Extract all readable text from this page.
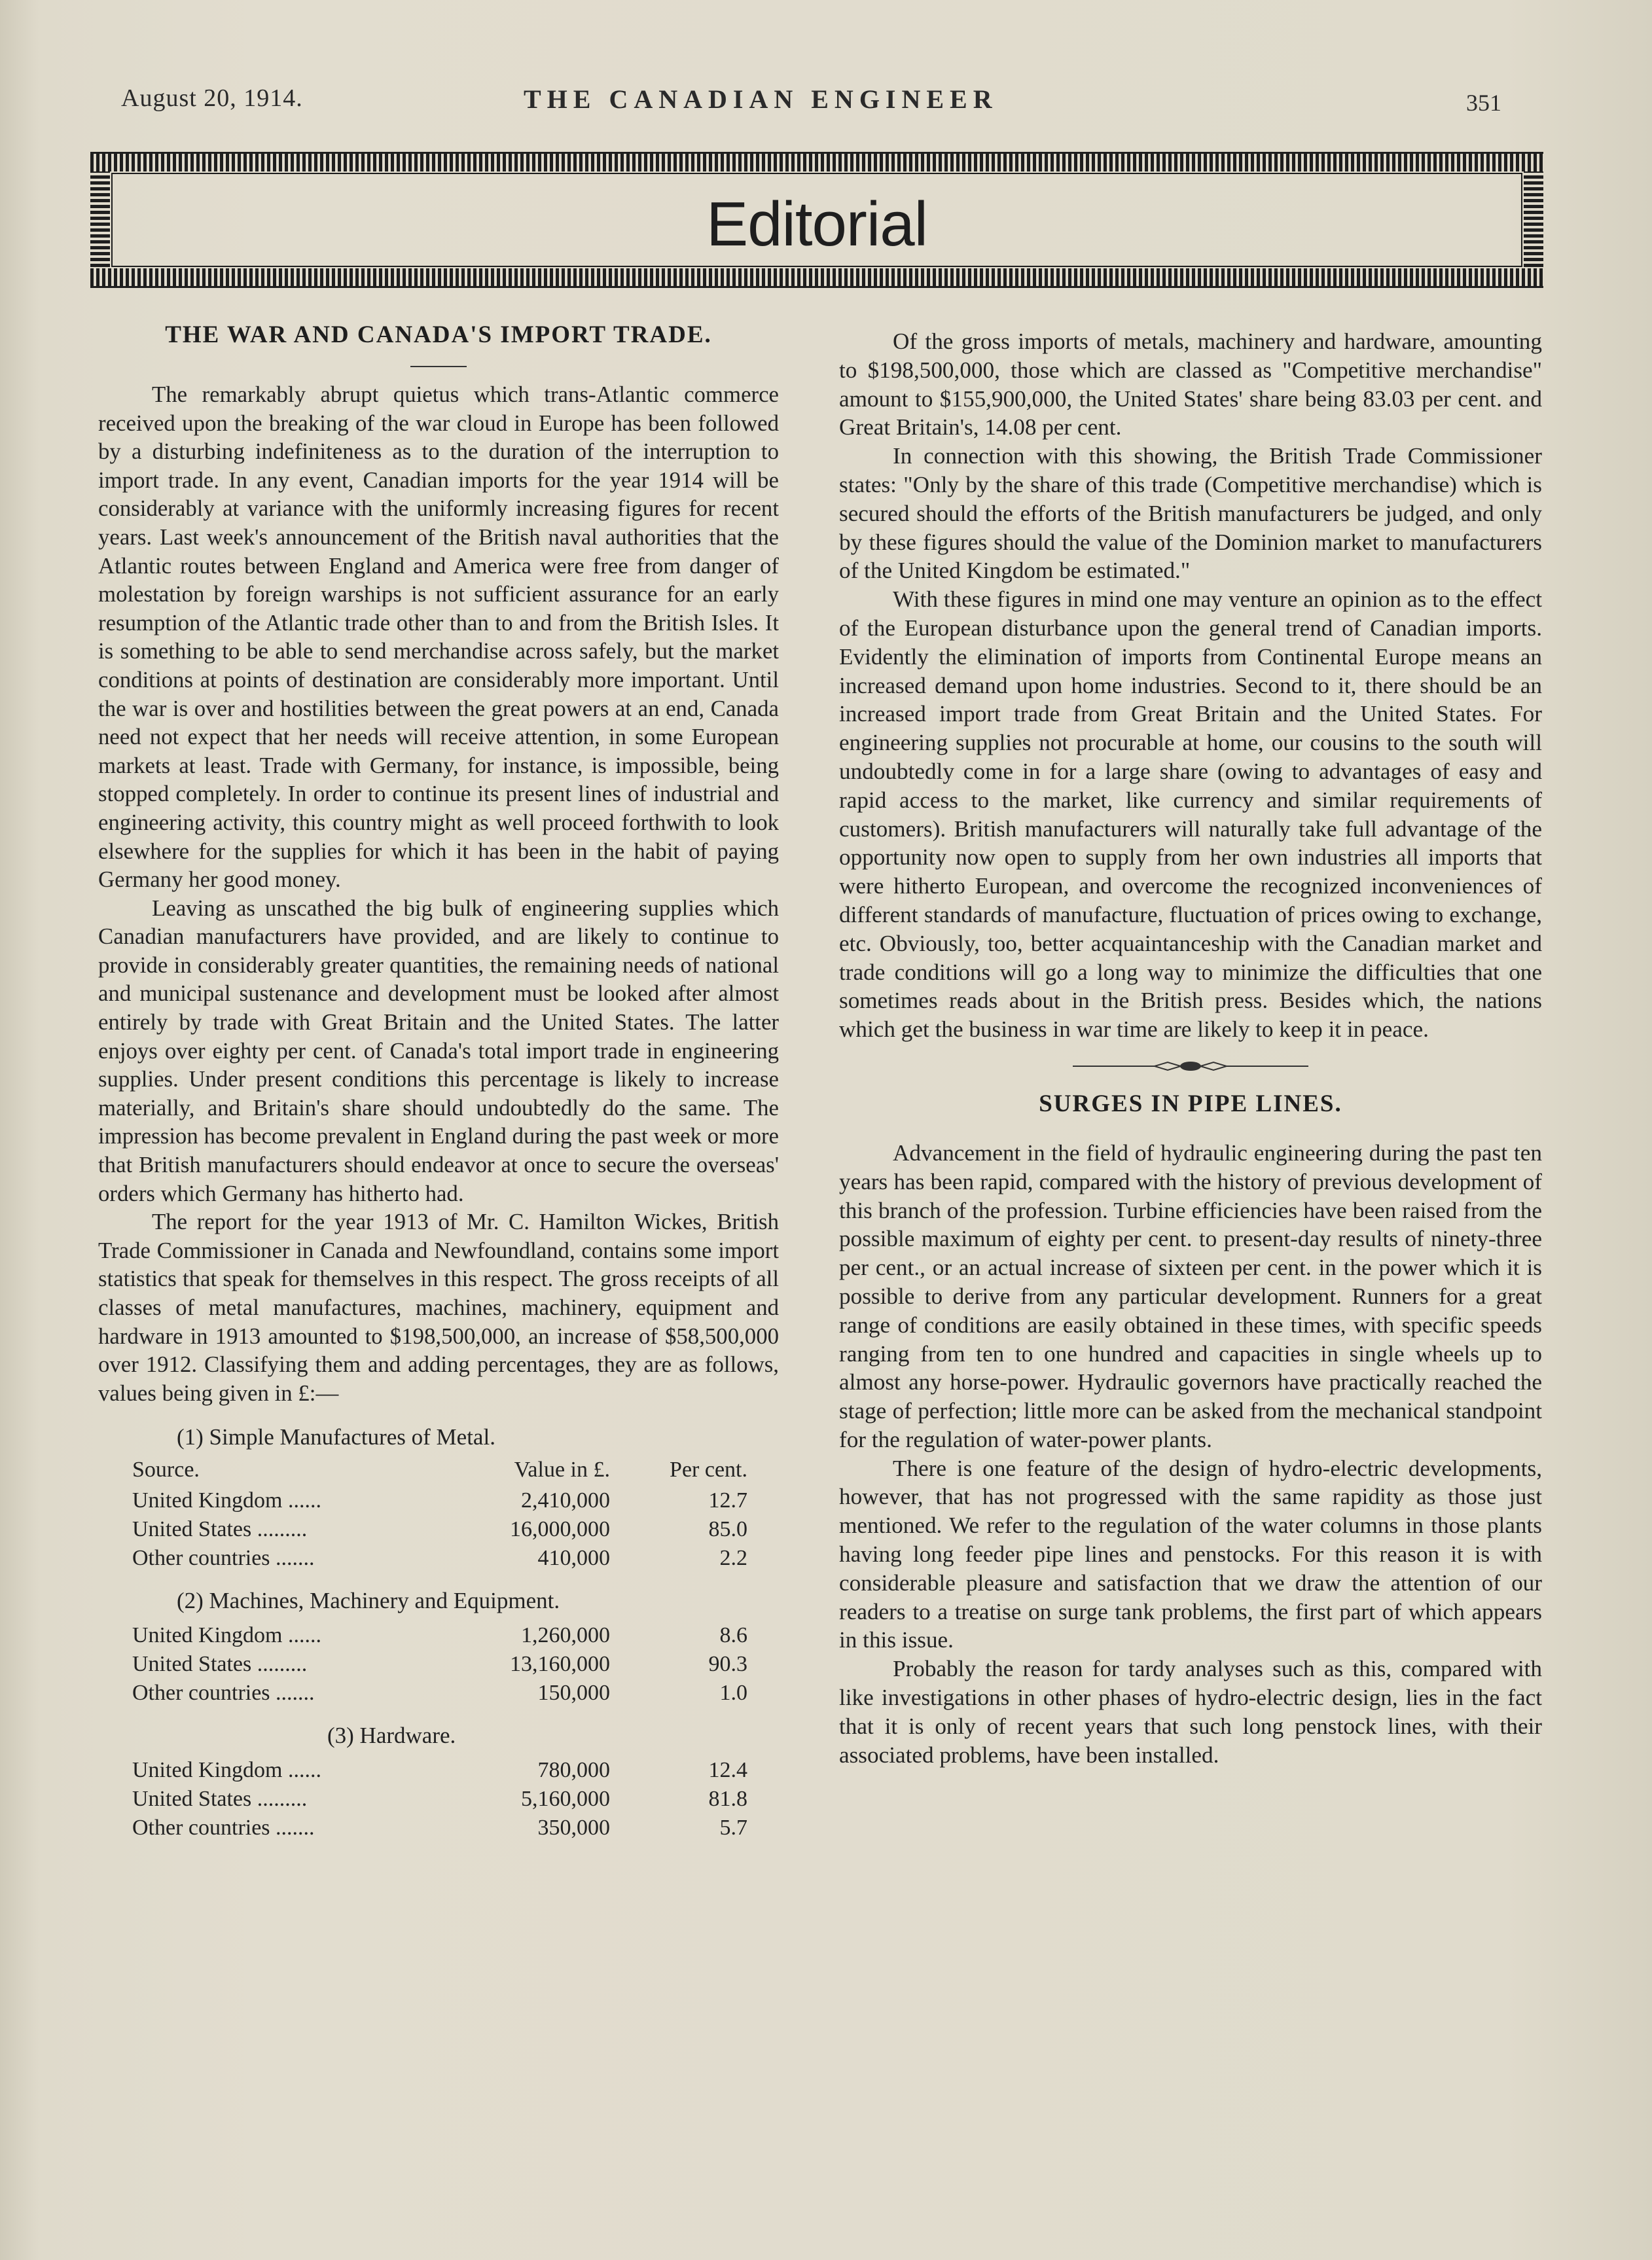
August 20, 1914.	THE CANADIAN ENGINEER	351
Editorial
THE WAR AND CANADA'S IMPORT TRADE.

The remarkably abrupt quietus which trans-Atlantic commerce received upon the breaking of the war cloud in Europe has been followed by a disturbing indefiniteness as to the duration of the interruption to import trade. In any event, Canadian imports for the year 1914 will be considerably at variance with the uniformly increasing figures for recent years. Last week's announcement of the British naval authorities that the Atlantic routes between England and America were free from danger of molestation by foreign warships is not sufficient assurance for an early resumption of the Atlantic trade other than to and from the British Isles. It is something to be able to send merchandise across safely, but the market conditions at points of destination are considerably more important. Until the war is over and hostilities between the great powers at an end, Canada need not expect that her needs will receive attention, in some European markets at least. Trade with Germany, for instance, is impossible, being stopped completely. In order to continue its present lines of industrial and engineering activity, this country might as well proceed forthwith to look elsewhere for the supplies for which it has been in the habit of paying Germany her good money.

Leaving as unscathed the big bulk of engineering supplies which Canadian manufacturers have provided, and are likely to continue to provide in considerably greater quantities, the remaining needs of national and municipal sustenance and development must be looked after almost entirely by trade with Great Britain and the United States. The latter enjoys over eighty per cent. of Canada's total import trade in engineering supplies. Under present conditions this percentage is likely to increase materially, and Britain's share should undoubtedly do the same. The impression has become prevalent in England during the past week or more that British manufacturers should endeavor at once to secure the overseas' orders which Germany has hitherto had.

The report for the year 1913 of Mr. C. Hamilton Wickes, British Trade Commissioner in Canada and Newfoundland, contains some import statistics that speak for themselves in this respect. The gross receipts of all classes of metal manufactures, machines, machinery, equipment and hardware in 1913 amounted to $198,500,000, an increase of $58,500,000 over 1912. Classifying them and adding percentages, they are as follows, values being given in £:—

(1) Simple Manufactures of Metal.
Source.	Value in £.	Per cent.
United Kingdom ......	2,410,000	12.7
United States .........	16,000,000	85.0
Other countries .......	410,000	2.2
(2) Machines, Machinery and Equipment.
United Kingdom ......	1,260,000	8.6
United States .........	13,160,000	90.3
Other countries .......	150,000	1.0
(3) Hardware.
United Kingdom ......	780,000	12.4
United States .........	5,160,000	81.8
Other countries .......	350,000	5.7

Of the gross imports of metals, machinery and hardware, amounting to $198,500,000, those which are classed as "Competitive merchandise" amount to $155,900,000, the United States' share being 83.03 per cent. and Great Britain's, 14.08 per cent.

In connection with this showing, the British Trade Commissioner states: "Only by the share of this trade (Competitive merchandise) which is secured should the efforts of the British manufacturers be judged, and only by these figures should the value of the Dominion market to manufacturers of the United Kingdom be estimated."

With these figures in mind one may venture an opinion as to the effect of the European disturbance upon the general trend of Canadian imports. Evidently the elimination of imports from Continental Europe means an increased demand upon home industries. Second to it, there should be an increased import trade from Great Britain and the United States. For engineering supplies not procurable at home, our cousins to the south will undoubtedly come in for a large share (owing to advantages of easy and rapid access to the market, like currency and similar requirements of customers). British manufacturers will naturally take full advantage of the opportunity now open to supply from her own industries all imports that were hitherto European, and overcome the recognized inconveniences of different standards of manufacture, fluctuation of prices owing to exchange, etc. Obviously, too, better acquaintanceship with the Canadian market and trade conditions will go a long way to minimize the difficulties that one sometimes reads about in the British press. Besides which, the nations which get the business in war time are likely to keep it in peace.

SURGES IN PIPE LINES.

Advancement in the field of hydraulic engineering during the past ten years has been rapid, compared with the history of previous development of this branch of the profession. Turbine efficiencies have been raised from the possible maximum of eighty per cent. to present-day results of ninety-three per cent., or an actual increase of sixteen per cent. in the power which it is possible to derive from any particular development. Runners for a great range of conditions are easily obtained in these times, with specific speeds ranging from ten to one hundred and capacities in single wheels up to almost any horse-power. Hydraulic governors have practically reached the stage of perfection; little more can be asked from the mechanical standpoint for the regulation of water-power plants.

There is one feature of the design of hydro-electric developments, however, that has not progressed with the same rapidity as those just mentioned. We refer to the regulation of the water columns in those plants having long feeder pipe lines and penstocks. For this reason it is with considerable pleasure and satisfaction that we draw the attention of our readers to a treatise on surge tank problems, the first part of which appears in this issue.

Probably the reason for tardy analyses such as this, compared with like investigations in other phases of hydro-electric design, lies in the fact that it is only of recent years that such long penstock lines, with their associated problems, have been installed.
